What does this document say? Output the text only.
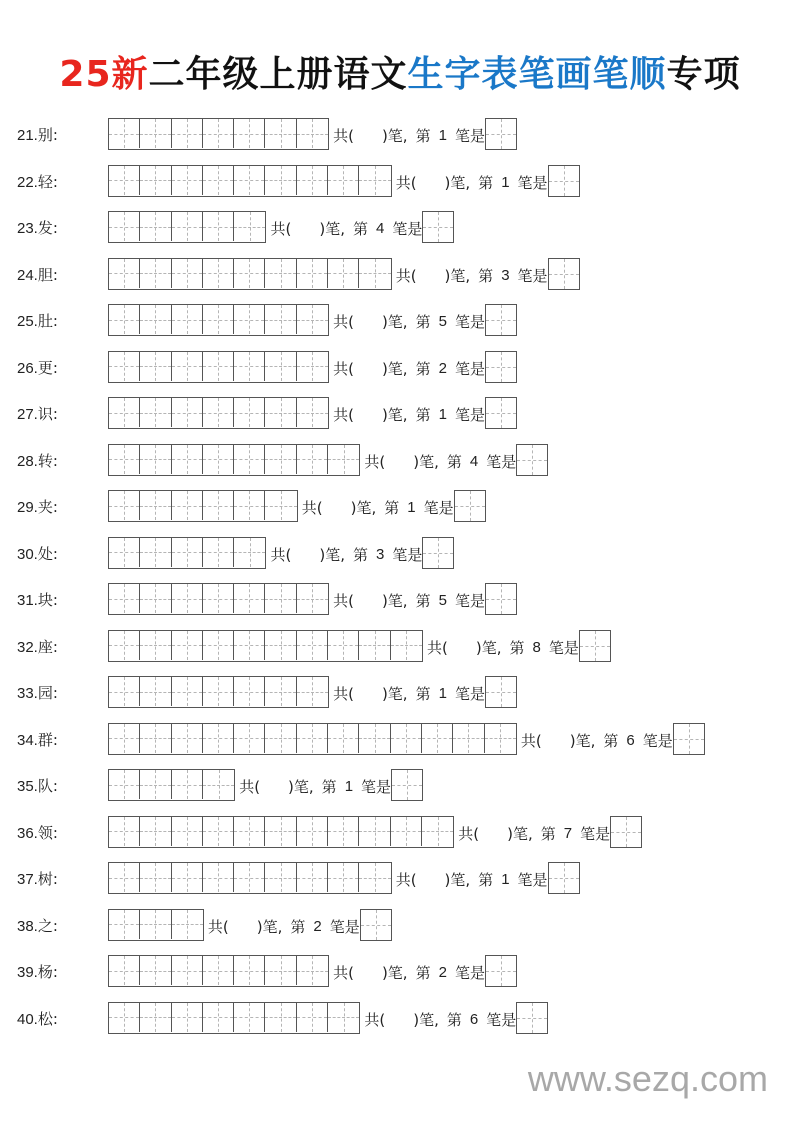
25新二年级上册语文生字表笔画笔顺专项
21.别:	共( )笔, 第 1 笔是
22.轻:	共( )笔, 第 1 笔是
23.发:	共( )笔, 第 4 笔是
24.胆:	共( )笔, 第 3 笔是
25.肚:	共( )笔, 第 5 笔是
26.更:	共( )笔, 第 2 笔是
27.识:	共( )笔, 第 1 笔是
28.转:	共( )笔, 第 4 笔是
29.夹:	共( )笔, 第 1 笔是
30.处:	共( )笔, 第 3 笔是
31.块:	共( )笔, 第 5 笔是
32.座:	共( )笔, 第 8 笔是
33.园:	共( )笔, 第 1 笔是
34.群:	共( )笔, 第 6 笔是
35.队:	共( )笔, 第 1 笔是
36.领:	共( )笔, 第 7 笔是
37.树:	共( )笔, 第 1 笔是
38.之:	共( )笔, 第 2 笔是
39.杨:	共( )笔, 第 2 笔是
40.松:	共( )笔, 第 6 笔是
www.sezq.com
